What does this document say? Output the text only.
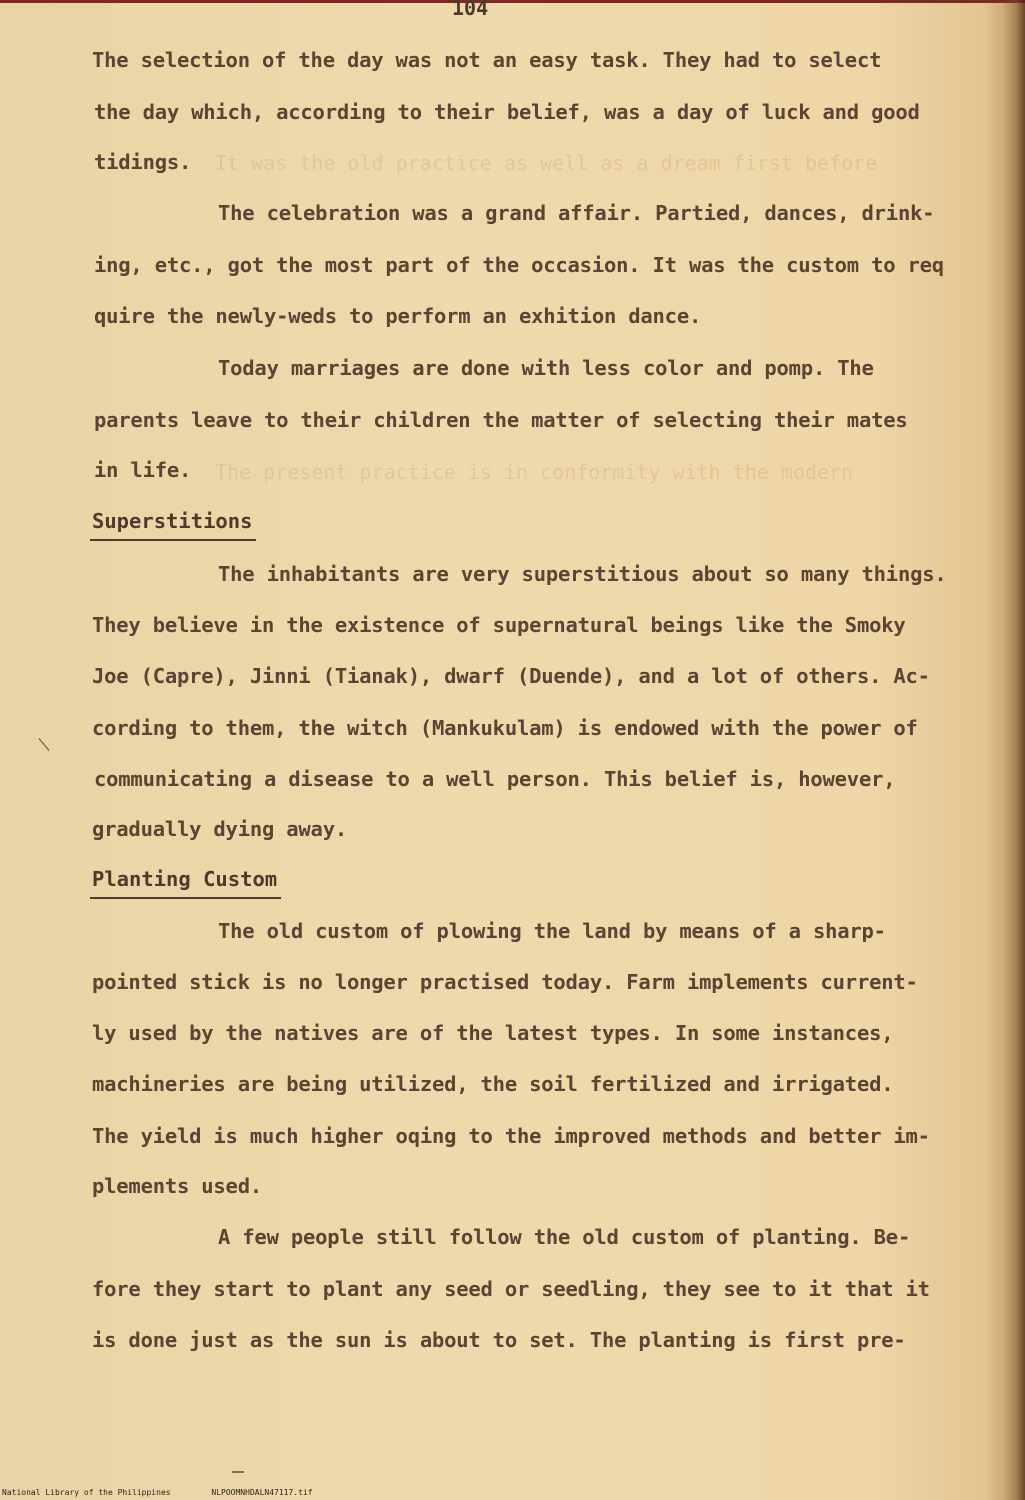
It was the old practice as well as a dream first before
The present practice is in conformity with the modern
104
The selection of the day was not an easy task. They had to select
the day which, according to their belief, was a day of luck and good
tidings.
The celebration was a grand affair. Partied, dances, drink-
ing, etc., got the most part of the occasion. It was the custom to req
quire the newly-weds to perform an exhition dance.
Today marriages are done with less color and pomp. The
parents leave to their children the matter of selecting their mates
in life.
Superstitions
The inhabitants are very superstitious about so many things.
They believe in the existence of supernatural beings like the Smoky
Joe (Capre), Jinni (Tianak), dwarf (Duende), and a lot of others. Ac-
cording to them, the witch (Mankukulam) is endowed with the power of
communicating a disease to a well person. This belief is, however,
gradually dying away.
Planting Custom
The old custom of plowing the land by means of a sharp-
pointed stick is no longer practised today. Farm implements current-
ly used by the natives are of the latest types. In some instances,
machineries are being utilized, the soil fertilized and irrigated.
The yield is much higher oqing to the improved methods and better im-
plements used.
A few people still follow the old custom of planting. Be-
fore they start to plant any seed or seedling, they see to it that it
is done just as the sun is about to set. The planting is first pre-
National Library of the Philippines	NLPOOMNHDALN47117.tif
